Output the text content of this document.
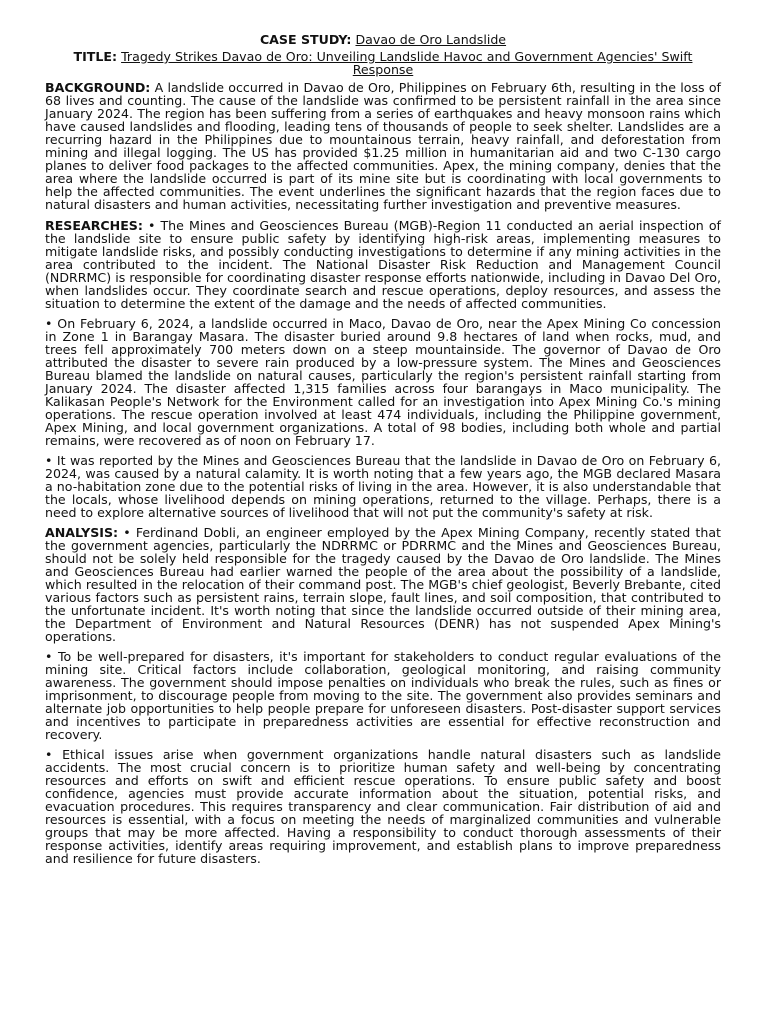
CASE STUDY: Davao de Oro Landslide
TITLE: Tragedy Strikes Davao de Oro: Unveiling Landslide Havoc and Government Agencies' Swift Response

BACKGROUND: A landslide occurred in Davao de Oro, Philippines on February 6th, resulting in the loss of 68 lives and counting. The cause of the landslide was confirmed to be persistent rainfall in the area since January 2024. The region has been suffering from a series of earthquakes and heavy monsoon rains which have caused landslides and flooding, leading tens of thousands of people to seek shelter. Landslides are a recurring hazard in the Philippines due to mountainous terrain, heavy rainfall, and deforestation from mining and illegal logging. The US has provided $1.25 million in humanitarian aid and two C-130 cargo planes to deliver food packages to the affected communities. Apex, the mining company, denies that the area where the landslide occurred is part of its mine site but is coordinating with local governments to help the affected communities. The event underlines the significant hazards that the region faces due to natural disasters and human activities, necessitating further investigation and preventive measures.

RESEARCHES: • The Mines and Geosciences Bureau (MGB)-Region 11 conducted an aerial inspection of the landslide site to ensure public safety by identifying high-risk areas, implementing measures to mitigate landslide risks, and possibly conducting investigations to determine if any mining activities in the area contributed to the incident. The National Disaster Risk Reduction and Management Council (NDRRMC) is responsible for coordinating disaster response efforts nationwide, including in Davao Del Oro, when landslides occur. They coordinate search and rescue operations, deploy resources, and assess the situation to determine the extent of the damage and the needs of affected communities.

• On February 6, 2024, a landslide occurred in Maco, Davao de Oro, near the Apex Mining Co concession in Zone 1 in Barangay Masara. The disaster buried around 9.8 hectares of land when rocks, mud, and trees fell approximately 700 meters down on a steep mountainside. The governor of Davao de Oro attributed the disaster to severe rain produced by a low-pressure system. The Mines and Geosciences Bureau blamed the landslide on natural causes, particularly the region's persistent rainfall starting from January 2024. The disaster affected 1,315 families across four barangays in Maco municipality. The Kalikasan People's Network for the Environment called for an investigation into Apex Mining Co.'s mining operations. The rescue operation involved at least 474 individuals, including the Philippine government, Apex Mining, and local government organizations. A total of 98 bodies, including both whole and partial remains, were recovered as of noon on February 17.

• It was reported by the Mines and Geosciences Bureau that the landslide in Davao de Oro on February 6, 2024, was caused by a natural calamity. It is worth noting that a few years ago, the MGB declared Masara a no-habitation zone due to the potential risks of living in the area. However, it is also understandable that the locals, whose livelihood depends on mining operations, returned to the village. Perhaps, there is a need to explore alternative sources of livelihood that will not put the community's safety at risk.

ANALYSIS: • Ferdinand Dobli, an engineer employed by the Apex Mining Company, recently stated that the government agencies, particularly the NDRRMC or PDRRMC and the Mines and Geosciences Bureau, should not be solely held responsible for the tragedy caused by the Davao de Oro landslide. The Mines and Geosciences Bureau had earlier warned the people of the area about the possibility of a landslide, which resulted in the relocation of their command post. The MGB's chief geologist, Beverly Brebante, cited various factors such as persistent rains, terrain slope, fault lines, and soil composition, that contributed to the unfortunate incident. It's worth noting that since the landslide occurred outside of their mining area, the Department of Environment and Natural Resources (DENR) has not suspended Apex Mining's operations.

• To be well-prepared for disasters, it's important for stakeholders to conduct regular evaluations of the mining site. Critical factors include collaboration, geological monitoring, and raising community awareness. The government should impose penalties on individuals who break the rules, such as fines or imprisonment, to discourage people from moving to the site. The government also provides seminars and alternate job opportunities to help people prepare for unforeseen disasters. Post-disaster support services and incentives to participate in preparedness activities are essential for effective reconstruction and recovery.

• Ethical issues arise when government organizations handle natural disasters such as landslide accidents. The most crucial concern is to prioritize human safety and well-being by concentrating resources and efforts on swift and efficient rescue operations. To ensure public safety and boost confidence, agencies must provide accurate information about the situation, potential risks, and evacuation procedures. This requires transparency and clear communication. Fair distribution of aid and resources is essential, with a focus on meeting the needs of marginalized communities and vulnerable groups that may be more affected. Having a responsibility to conduct thorough assessments of their response activities, identify areas requiring improvement, and establish plans to improve preparedness and resilience for future disasters.
